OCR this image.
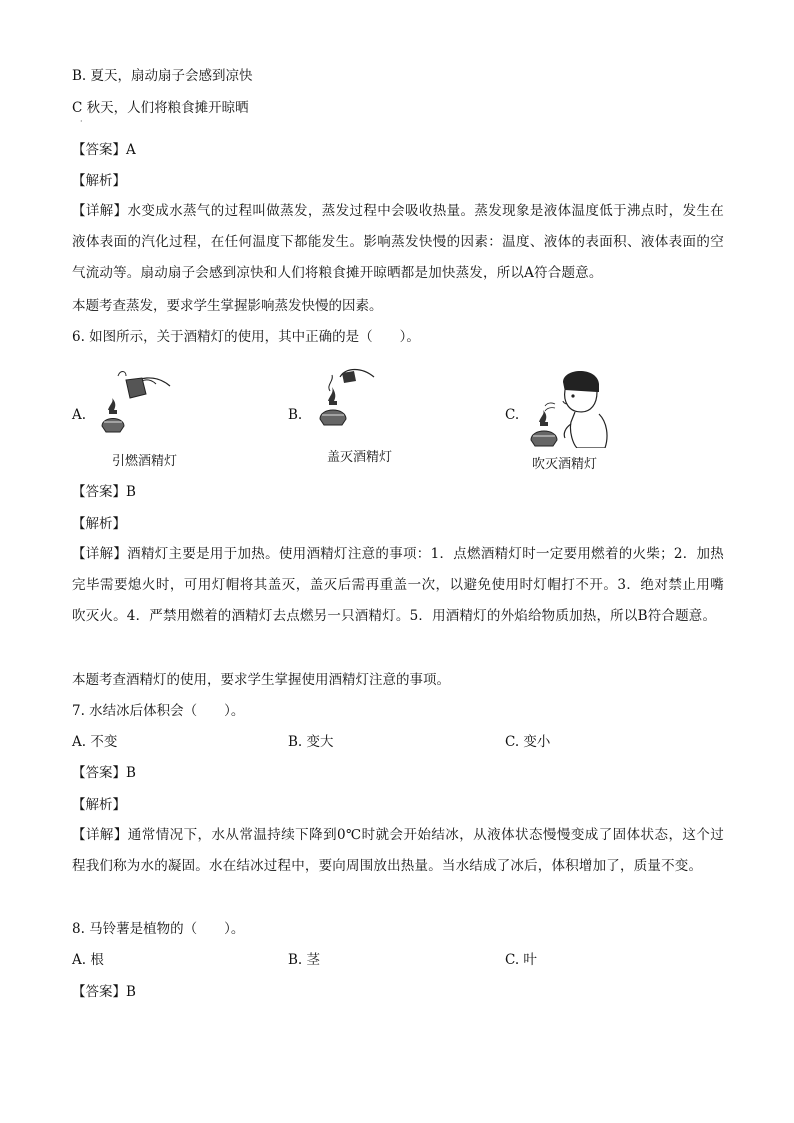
B. 夏天，扇动扇子会感到凉快
C 秋天，人们将粮食摊开晾晒
·
【答案】A
【解析】
【详解】水变成水蒸气的过程叫做蒸发，蒸发过程中会吸收热量。蒸发现象是液体温度低于沸点时，发生在液体表面的汽化过程，在任何温度下都能发生。影响蒸发快慢的因素：温度、液体的表面积、液体表面的空气流动等。扇动扇子会感到凉快和人们将粮食摊开晾晒都是加快蒸发，所以A符合题意。
本题考查蒸发，要求学生掌握影响蒸发快慢的因素。
6. 如图所示，关于酒精灯的使用，其中正确的是（　　）。
A.
引燃酒精灯
B.
盖灭酒精灯
C.
吹灭酒精灯
【答案】B
【解析】
【详解】酒精灯主要是用于加热。使用酒精灯注意的事项：1．点燃酒精灯时一定要用燃着的火柴；2．加热完毕需要熄火时，可用灯帽将其盖灭，盖灭后需再重盖一次，以避免使用时灯帽打不开。3．绝对禁止用嘴吹灭火。4．严禁用燃着的酒精灯去点燃另一只酒精灯。5．用酒精灯的外焰给物质加热，所以B符合题意。
本题考查酒精灯的使用，要求学生掌握使用酒精灯注意的事项。
7. 水结冰后体积会（　　）。
A. 不变	B. 变大	C. 变小
【答案】B
【解析】
【详解】通常情况下，水从常温持续下降到0℃时就会开始结冰，从液体状态慢慢变成了固体状态，这个过程我们称为水的凝固。水在结冰过程中，要向周围放出热量。当水结成了冰后，体积增加了，质量不变。
8. 马铃薯是植物的（　　）。
A. 根	B. 茎	C. 叶
【答案】B
